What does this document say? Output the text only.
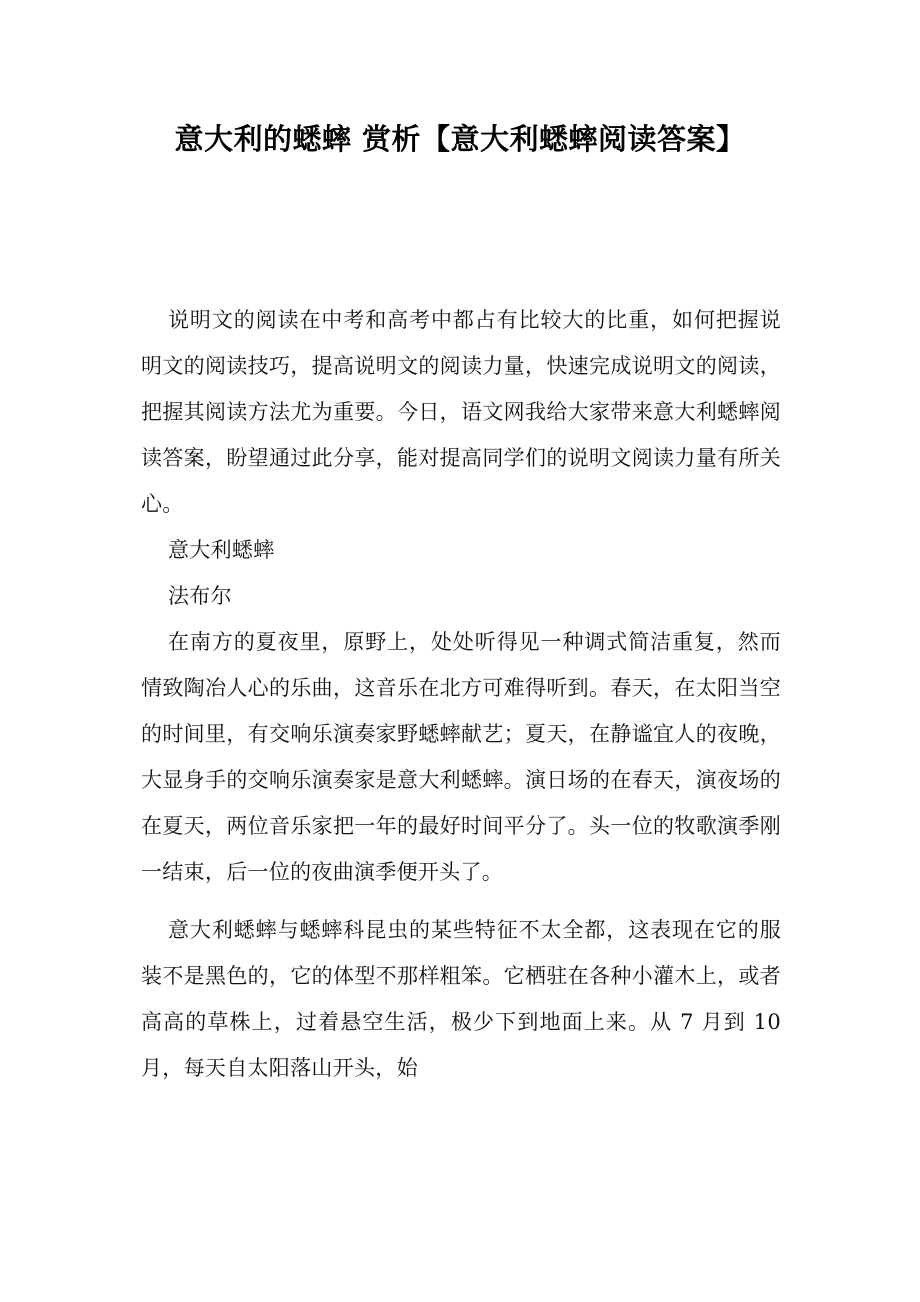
意大利的蟋蟀 赏析【意大利蟋蟀阅读答案】

说明文的阅读在中考和高考中都占有比较大的比重，如何把握说明文的阅读技巧，提高说明文的阅读力量，快速完成说明文的阅读，把握其阅读方法尤为重要。今日，语文网我给大家带来意大利蟋蟀阅读答案，盼望通过此分享，能对提高同学们的说明文阅读力量有所关心。

意大利蟋蟀

法布尔

在南方的夏夜里，原野上，处处听得见一种调式简洁重复，然而情致陶冶人心的乐曲，这音乐在北方可难得听到。春天，在太阳当空的时间里，有交响乐演奏家野蟋蟀献艺；夏天，在静谧宜人的夜晚，大显身手的交响乐演奏家是意大利蟋蟀。演日场的在春天，演夜场的在夏天，两位音乐家把一年的最好时间平分了。头一位的牧歌演季刚一结束，后一位的夜曲演季便开头了。

意大利蟋蟀与蟋蟀科昆虫的某些特征不太全都，这表现在它的服装不是黑色的，它的体型不那样粗笨。它栖驻在各种小灌木上，或者高高的草株上，过着悬空生活，极少下到地面上来。从 7 月到 10 月，每天自太阳落山开头，始
